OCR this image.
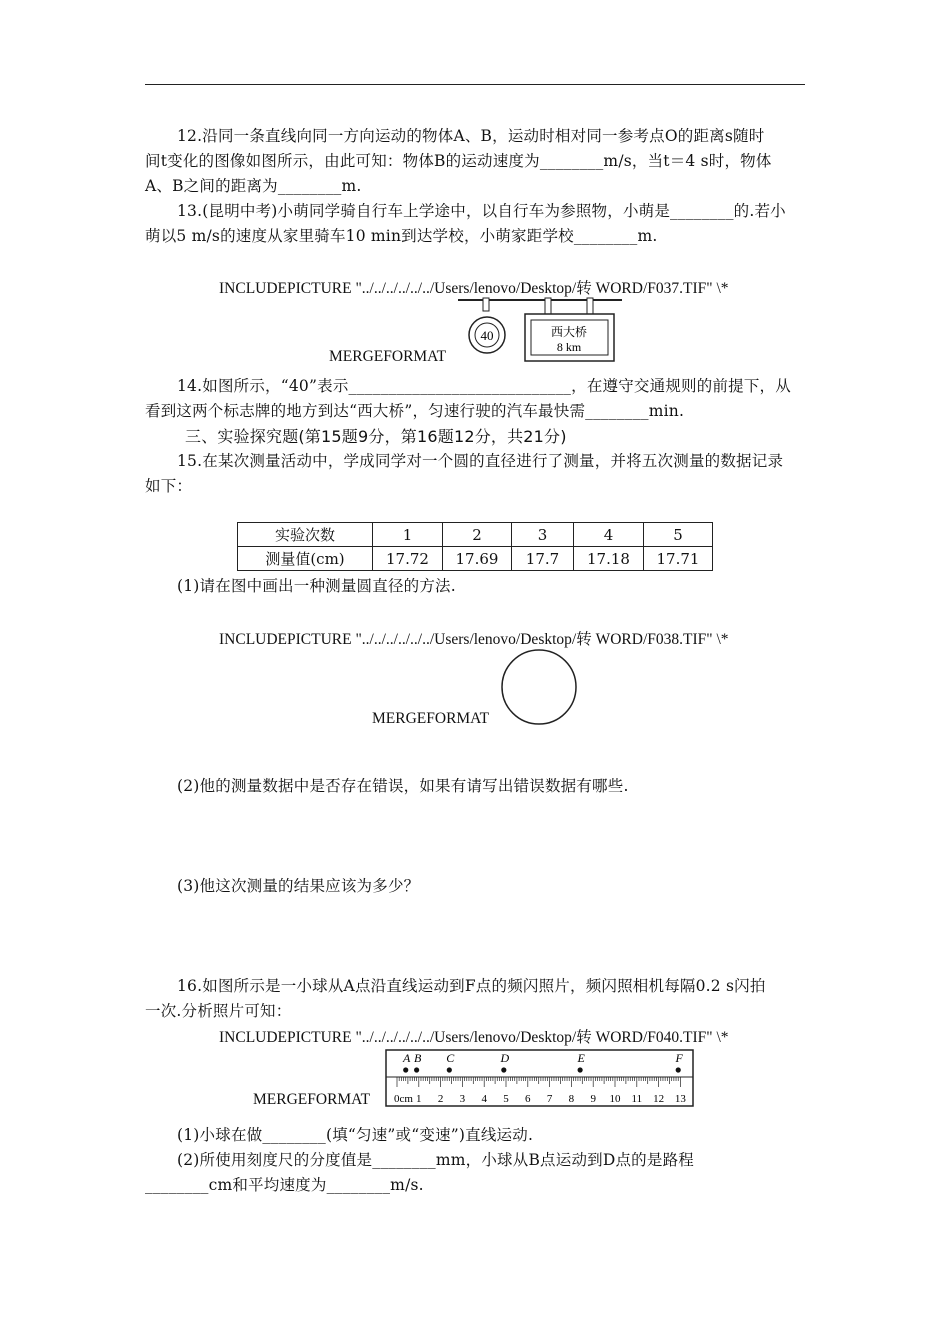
12.沿同一条直线向同一方向运动的物体A、B，运动时相对同一参考点O的距离s随时
间t变化的图像如图所示，由此可知：物体B的运动速度为________m/s，当t＝4 s时，物体
A、B之间的距离为________m.
13.(昆明中考)小萌同学骑自行车上学途中，以自行车为参照物，小萌是________的.若小
萌以5 m/s的速度从家里骑车10 min到达学校，小萌家距学校________m.
INCLUDEPICTURE "../../../../../../Users/lenovo/Desktop/转 WORD/F037.TIF" \*
MERGEFORMAT
40	西大桥
8 km
14.如图所示，“40”表示____________________________，在遵守交通规则的前提下，从
看到这两个标志牌的地方到达“西大桥”，匀速行驶的汽车最快需________min.
三、实验探究题(第15题9分，第16题12分，共21分)
15.在某次测量活动中，学成同学对一个圆的直径进行了测量，并将五次测量的数据记录
如下：
实验次数	1	2	3	4	5
测量值(cm)	17.72	17.69	17.7	17.18	17.71
(1)请在图中画出一种测量圆直径的方法.
INCLUDEPICTURE "../../../../../../Users/lenovo/Desktop/转 WORD/F038.TIF" \*
MERGEFORMAT
(2)他的测量数据中是否存在错误，如果有请写出错误数据有哪些.
(3)他这次测量的结果应该为多少？
16.如图所示是一小球从A点沿直线运动到F点的频闪照片，频闪照相机每隔0.2 s闪拍
一次.分析照片可知：
INCLUDEPICTURE "../../../../../../Users/lenovo/Desktop/转 WORD/F040.TIF" \*
MERGEFORMAT 0cm 1 2 3 4 5 6 7 8 9 10 11 12 13
A B C	D	E	F
(1)小球在做________(填“匀速”或“变速”)直线运动.
(2)所使用刻度尺的分度值是________mm，小球从B点运动到D点的是路程
________cm和平均速度为________m/s.
